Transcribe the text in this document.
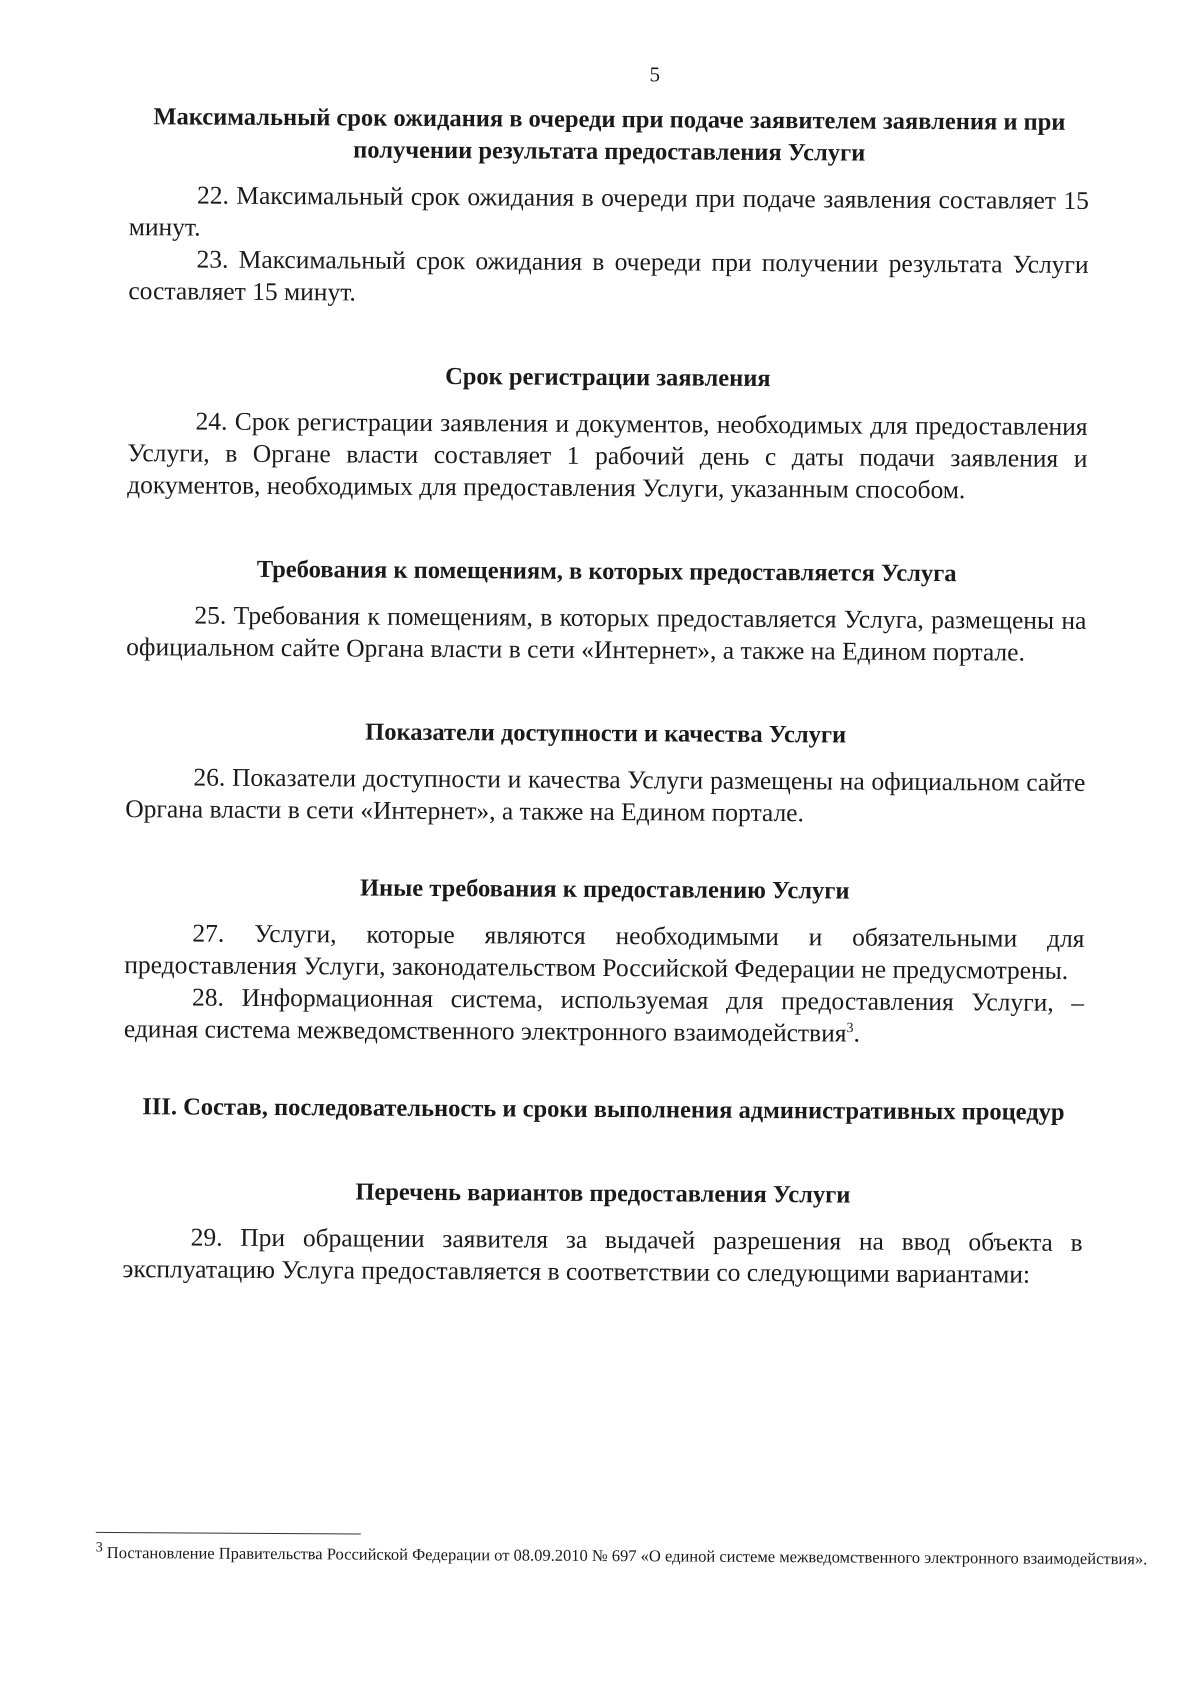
5

Максимальный срок ожидания в очереди при подаче заявителем заявления и при получении результата предоставления Услуги

22. Максимальный срок ожидания в очереди при подаче заявления составляет 15 минут.

23. Максимальный срок ожидания в очереди при получении результата Услуги составляет 15 минут.

Срок регистрации заявления

24. Срок регистрации заявления и документов, необходимых для предоставления Услуги, в Органе власти составляет 1 рабочий день с даты подачи заявления и документов, необходимых для предоставления Услуги, указанным способом.

Требования к помещениям, в которых предоставляется Услуга

25. Требования к помещениям, в которых предоставляется Услуга, размещены на официальном сайте Органа власти в сети «Интернет», а также на Едином портале.

Показатели доступности и качества Услуги

26. Показатели доступности и качества Услуги размещены на официальном сайте Органа власти в сети «Интернет», а также на Едином портале.

Иные требования к предоставлению Услуги

27. Услуги, которые являются необходимыми и обязательными для предоставления Услуги, законодательством Российской Федерации не предусмотрены.

28. Информационная система, используемая для предоставления Услуги, – единая система межведомственного электронного взаимодействия$^3$.

III. Состав, последовательность и сроки выполнения административных процедур

Перечень вариантов предоставления Услуги

29. При обращении заявителя за выдачей разрешения на ввод объекта в эксплуатацию Услуга предоставляется в соответствии со следующими вариантами:

$^3$ Постановление Правительства Российской Федерации от 08.09.2010 № 697 «О единой системе межведомственного электронного взаимодействия».
